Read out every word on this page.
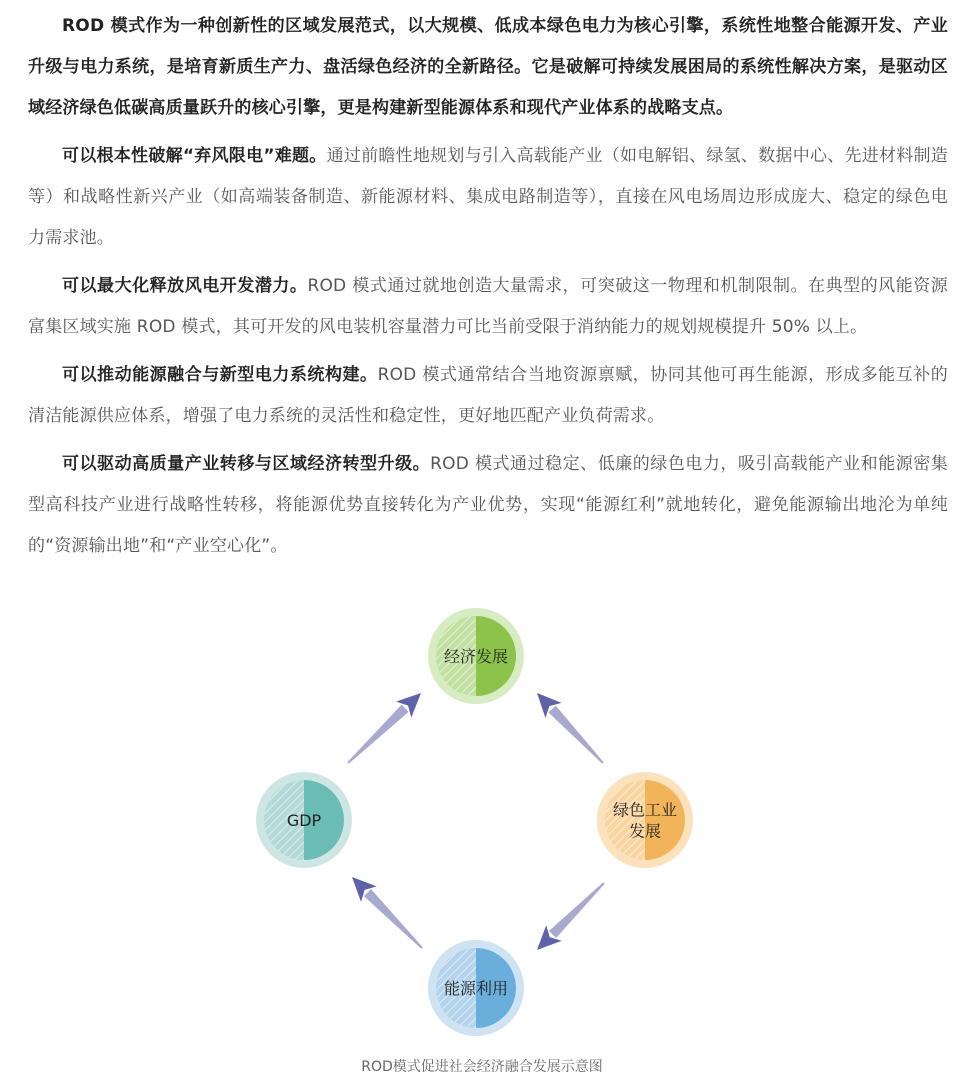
ROD 模式作为一种创新性的区域发展范式，以大规模、低成本绿色电力为核心引擎，系统性地整合能源开发、产业升级与电力系统，是培育新质生产力、盘活绿色经济的全新路径。它是破解可持续发展困局的系统性解决方案，是驱动区域经济绿色低碳高质量跃升的核心引擎，更是构建新型能源体系和现代产业体系的战略支点。

可以根本性破解“弃风限电”难题。通过前瞻性地规划与引入高载能产业（如电解铝、绿氢、数据中心、先进材料制造等）和战略性新兴产业（如高端装备制造、新能源材料、集成电路制造等），直接在风电场周边形成庞大、稳定的绿色电力需求池。

可以最大化释放风电开发潜力。ROD 模式通过就地创造大量需求，可突破这一物理和机制限制。在典型的风能资源富集区域实施 ROD 模式，其可开发的风电装机容量潜力可比当前受限于消纳能力的规划规模提升 50% 以上。

可以推动能源融合与新型电力系统构建。ROD 模式通常结合当地资源禀赋，协同其他可再生能源，形成多能互补的清洁能源供应体系，增强了电力系统的灵活性和稳定性，更好地匹配产业负荷需求。

可以驱动高质量产业转移与区域经济转型升级。ROD 模式通过稳定、低廉的绿色电力，吸引高载能产业和能源密集型高科技产业进行战略性转移，将能源优势直接转化为产业优势，实现“能源红利”就地转化，避免能源输出地沦为单纯的“资源输出地”和“产业空心化”。

经济发展
GDP
绿色工业
发展
能源利用
ROD模式促进社会经济融合发展示意图
